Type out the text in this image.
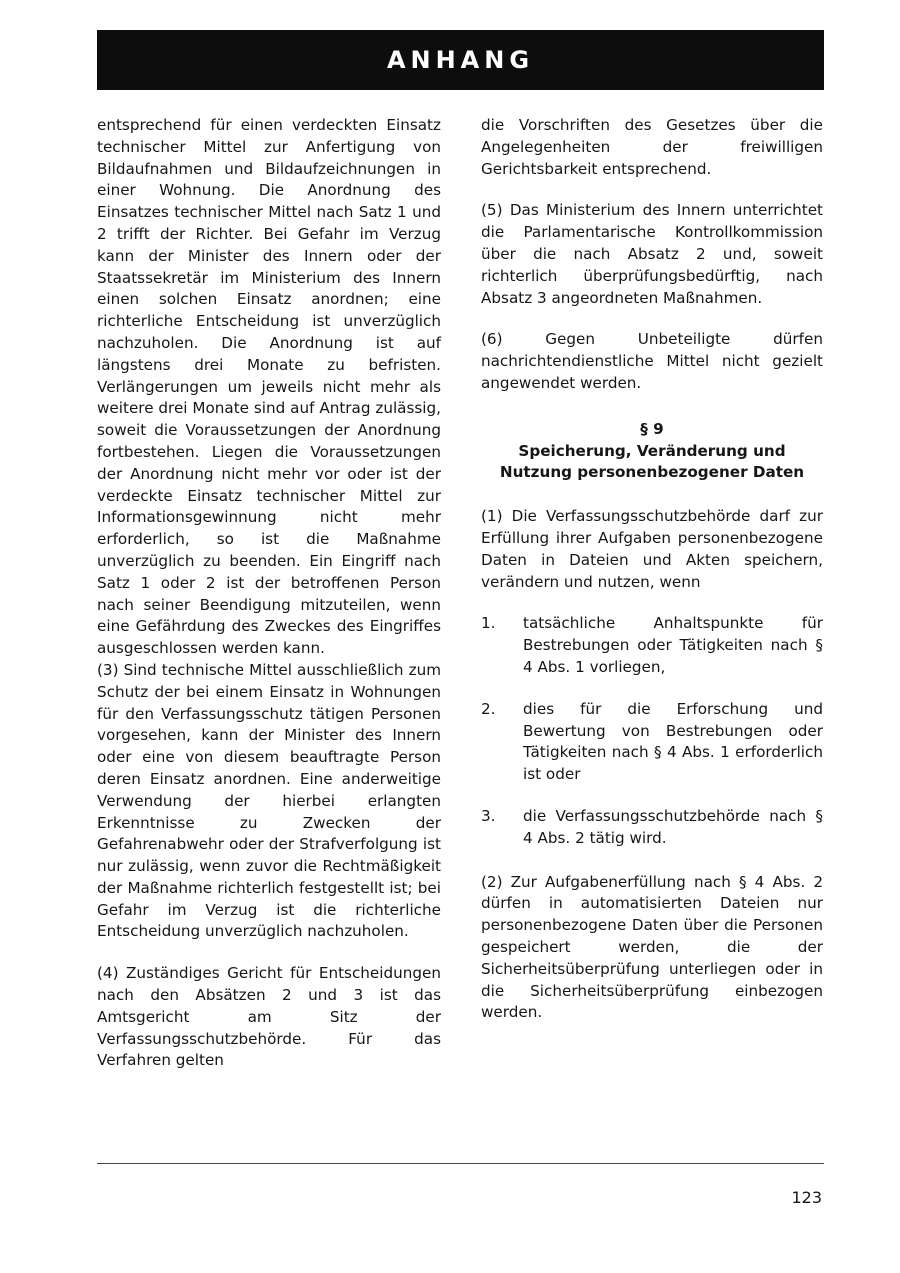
ANHANG

entsprechend für einen verdeckten Einsatz technischer Mittel zur Anfertigung von Bildaufnahmen und Bildaufzeichnungen in einer Wohnung. Die Anordnung des Einsatzes technischer Mittel nach Satz 1 und 2 trifft der Richter. Bei Gefahr im Verzug kann der Minister des Innern oder der Staatssekretär im Ministerium des Innern einen solchen Einsatz anordnen; eine richterliche Entscheidung ist unverzüglich nachzuholen. Die Anordnung ist auf längstens drei Monate zu befristen. Verlängerungen um jeweils nicht mehr als weitere drei Monate sind auf Antrag zulässig, soweit die Voraussetzungen der Anordnung fortbestehen. Liegen die Voraussetzungen der Anordnung nicht mehr vor oder ist der verdeckte Einsatz technischer Mittel zur Informationsgewinnung nicht mehr erforderlich, so ist die Maßnahme unverzüglich zu beenden. Ein Eingriff nach Satz 1 oder 2 ist der betroffenen Person nach seiner Beendigung mitzuteilen, wenn eine Gefährdung des Zweckes des Eingriffes ausgeschlossen werden kann.

(3) Sind technische Mittel ausschließlich zum Schutz der bei einem Einsatz in Wohnungen für den Verfassungsschutz tätigen Personen vorgesehen, kann der Minister des Innern oder eine von diesem beauftragte Person deren Einsatz anordnen. Eine anderweitige Verwendung der hierbei erlangten Erkenntnisse zu Zwecken der Gefahrenabwehr oder der Strafverfolgung ist nur zulässig, wenn zuvor die Rechtmäßigkeit der Maßnahme richterlich festgestellt ist; bei Gefahr im Verzug ist die richterliche Entscheidung unverzüglich nachzuholen.

(4) Zuständiges Gericht für Entscheidungen nach den Absätzen 2 und 3 ist das Amtsgericht am Sitz der Verfassungsschutzbehörde. Für das Verfahren gelten

die Vorschriften des Gesetzes über die Angelegenheiten der freiwilligen Gerichtsbarkeit entsprechend.

(5) Das Ministerium des Innern unterrichtet die Parlamentarische Kontrollkommission über die nach Absatz 2 und, soweit richterlich überprüfungsbedürftig, nach Absatz 3 angeordneten Maßnahmen.

(6) Gegen Unbeteiligte dürfen nachrichtendienstliche Mittel nicht gezielt angewendet werden.

§ 9

Speicherung, Veränderung und Nutzung personenbezogener Daten

(1) Die Verfassungsschutzbehörde darf zur Erfüllung ihrer Aufgaben personenbezogene Daten in Dateien und Akten speichern, verändern und nutzen, wenn

1.	tatsächliche Anhaltspunkte für Bestrebungen oder Tätigkeiten nach § 4 Abs. 1 vorliegen,
2.	dies für die Erforschung und Bewertung von Bestrebungen oder Tätigkeiten nach § 4 Abs. 1 erforderlich ist oder
3.	die Verfassungsschutzbehörde nach § 4 Abs. 2 tätig wird.

(2) Zur Aufgabenerfüllung nach § 4 Abs. 2 dürfen in automatisierten Dateien nur personenbezogene Daten über die Personen gespeichert werden, die der Sicherheitsüberprüfung unterliegen oder in die Sicherheitsüberprüfung einbezogen werden.

123
